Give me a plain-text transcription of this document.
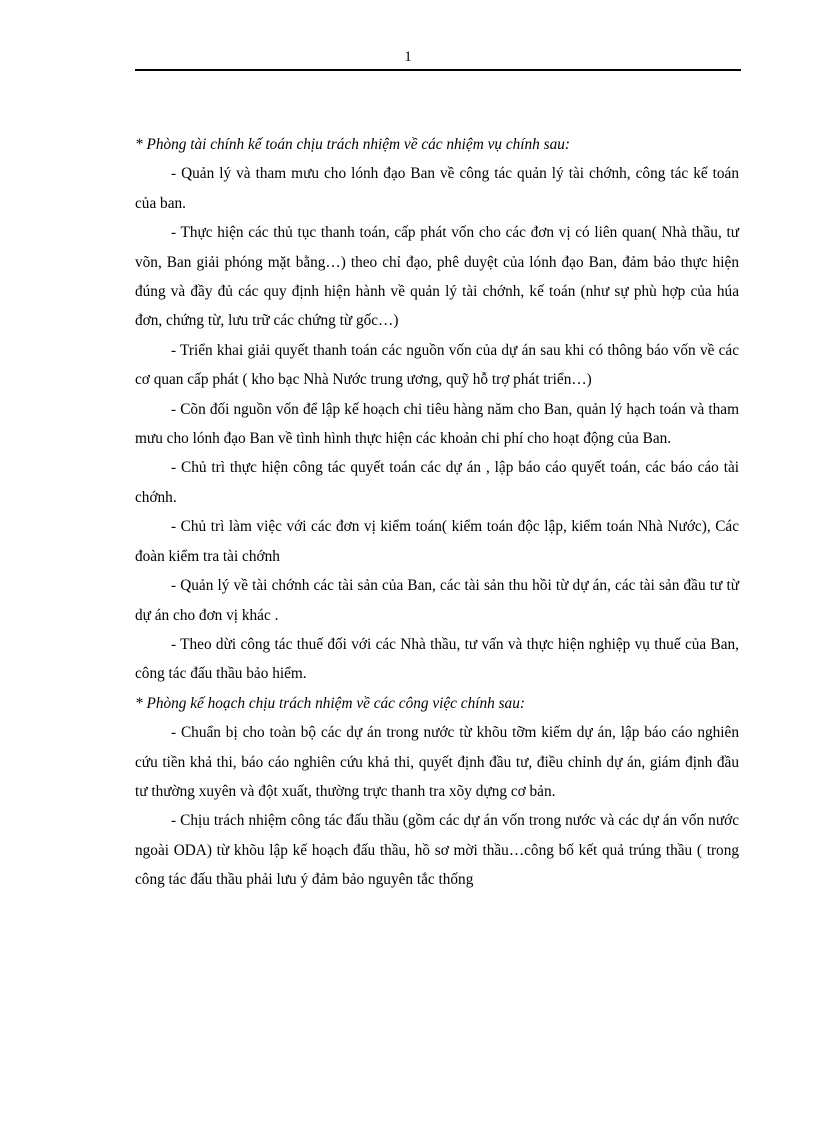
1

* Phòng tài chính kế toán chịu trách nhiệm về các nhiệm vụ chính sau:

- Quản lý và tham mưu cho lónh đạo Ban về công tác quản lý tài chớnh, công tác kế toán của ban.

- Thực hiện các thủ tục thanh toán, cấp phát vốn cho các đơn vị có liên quan( Nhà thầu, tư võn, Ban giải phóng mặt bằng…) theo chỉ đạo, phê duyệt của lónh đạo Ban, đảm bảo thực hiện đúng và đầy đủ các quy định hiện hành về quản lý tài chớnh, kế toán (như sự phù hợp của húa đơn, chứng từ, lưu trữ các chứng từ gốc…)

- Triển khai giải quyết thanh toán các nguồn vốn của dự án sau khi có thông báo vốn về các cơ quan cấp phát ( kho bạc Nhà Nước trung ương, quỹ hỗ trợ phát triển…)

- Cõn đối nguồn vốn để lập kế hoạch chi tiêu hàng năm cho Ban, quản lý hạch toán và tham mưu cho lónh đạo Ban về tình hình thực hiện các khoản chi phí cho hoạt động của Ban.

- Chủ trì thực hiện công tác quyết toán các dự án , lập báo cáo quyết toán, các báo cáo tài chớnh.

- Chủ trì làm việc với các đơn vị kiểm toán( kiểm toán độc lập, kiểm toán Nhà Nước), Các đoàn kiểm tra tài chớnh

- Quản lý về tài chớnh các tài sản của Ban, các tài sản thu hồi từ dự án, các tài sản đầu tư từ dự án cho đơn vị khác .

- Theo dừi công tác thuế đối với các Nhà thầu, tư vấn và thực hiện nghiệp vụ thuế của Ban, công tác đấu thầu bảo hiểm.

* Phòng kế hoạch chịu trách nhiệm về các công việc chính sau:

- Chuẩn bị cho toàn bộ các dự án trong nước từ khõu tỡm kiếm dự án, lập báo cáo nghiên cứu tiền khả thi, báo cáo nghiên cứu khả thi, quyết định đầu tư, điều chỉnh dự án, giám định đầu tư thường xuyên và đột xuất, thường trực thanh tra xõy dựng cơ bản.

- Chịu trách nhiệm công tác đấu thầu (gồm các dự án vốn trong nước và các dự án vốn nước ngoài ODA) từ khõu lập kế hoạch đấu thầu, hồ sơ mời thầu…công bố kết quả trúng thầu ( trong công tác đấu thầu phải lưu ý đảm bảo nguyên tắc thống
